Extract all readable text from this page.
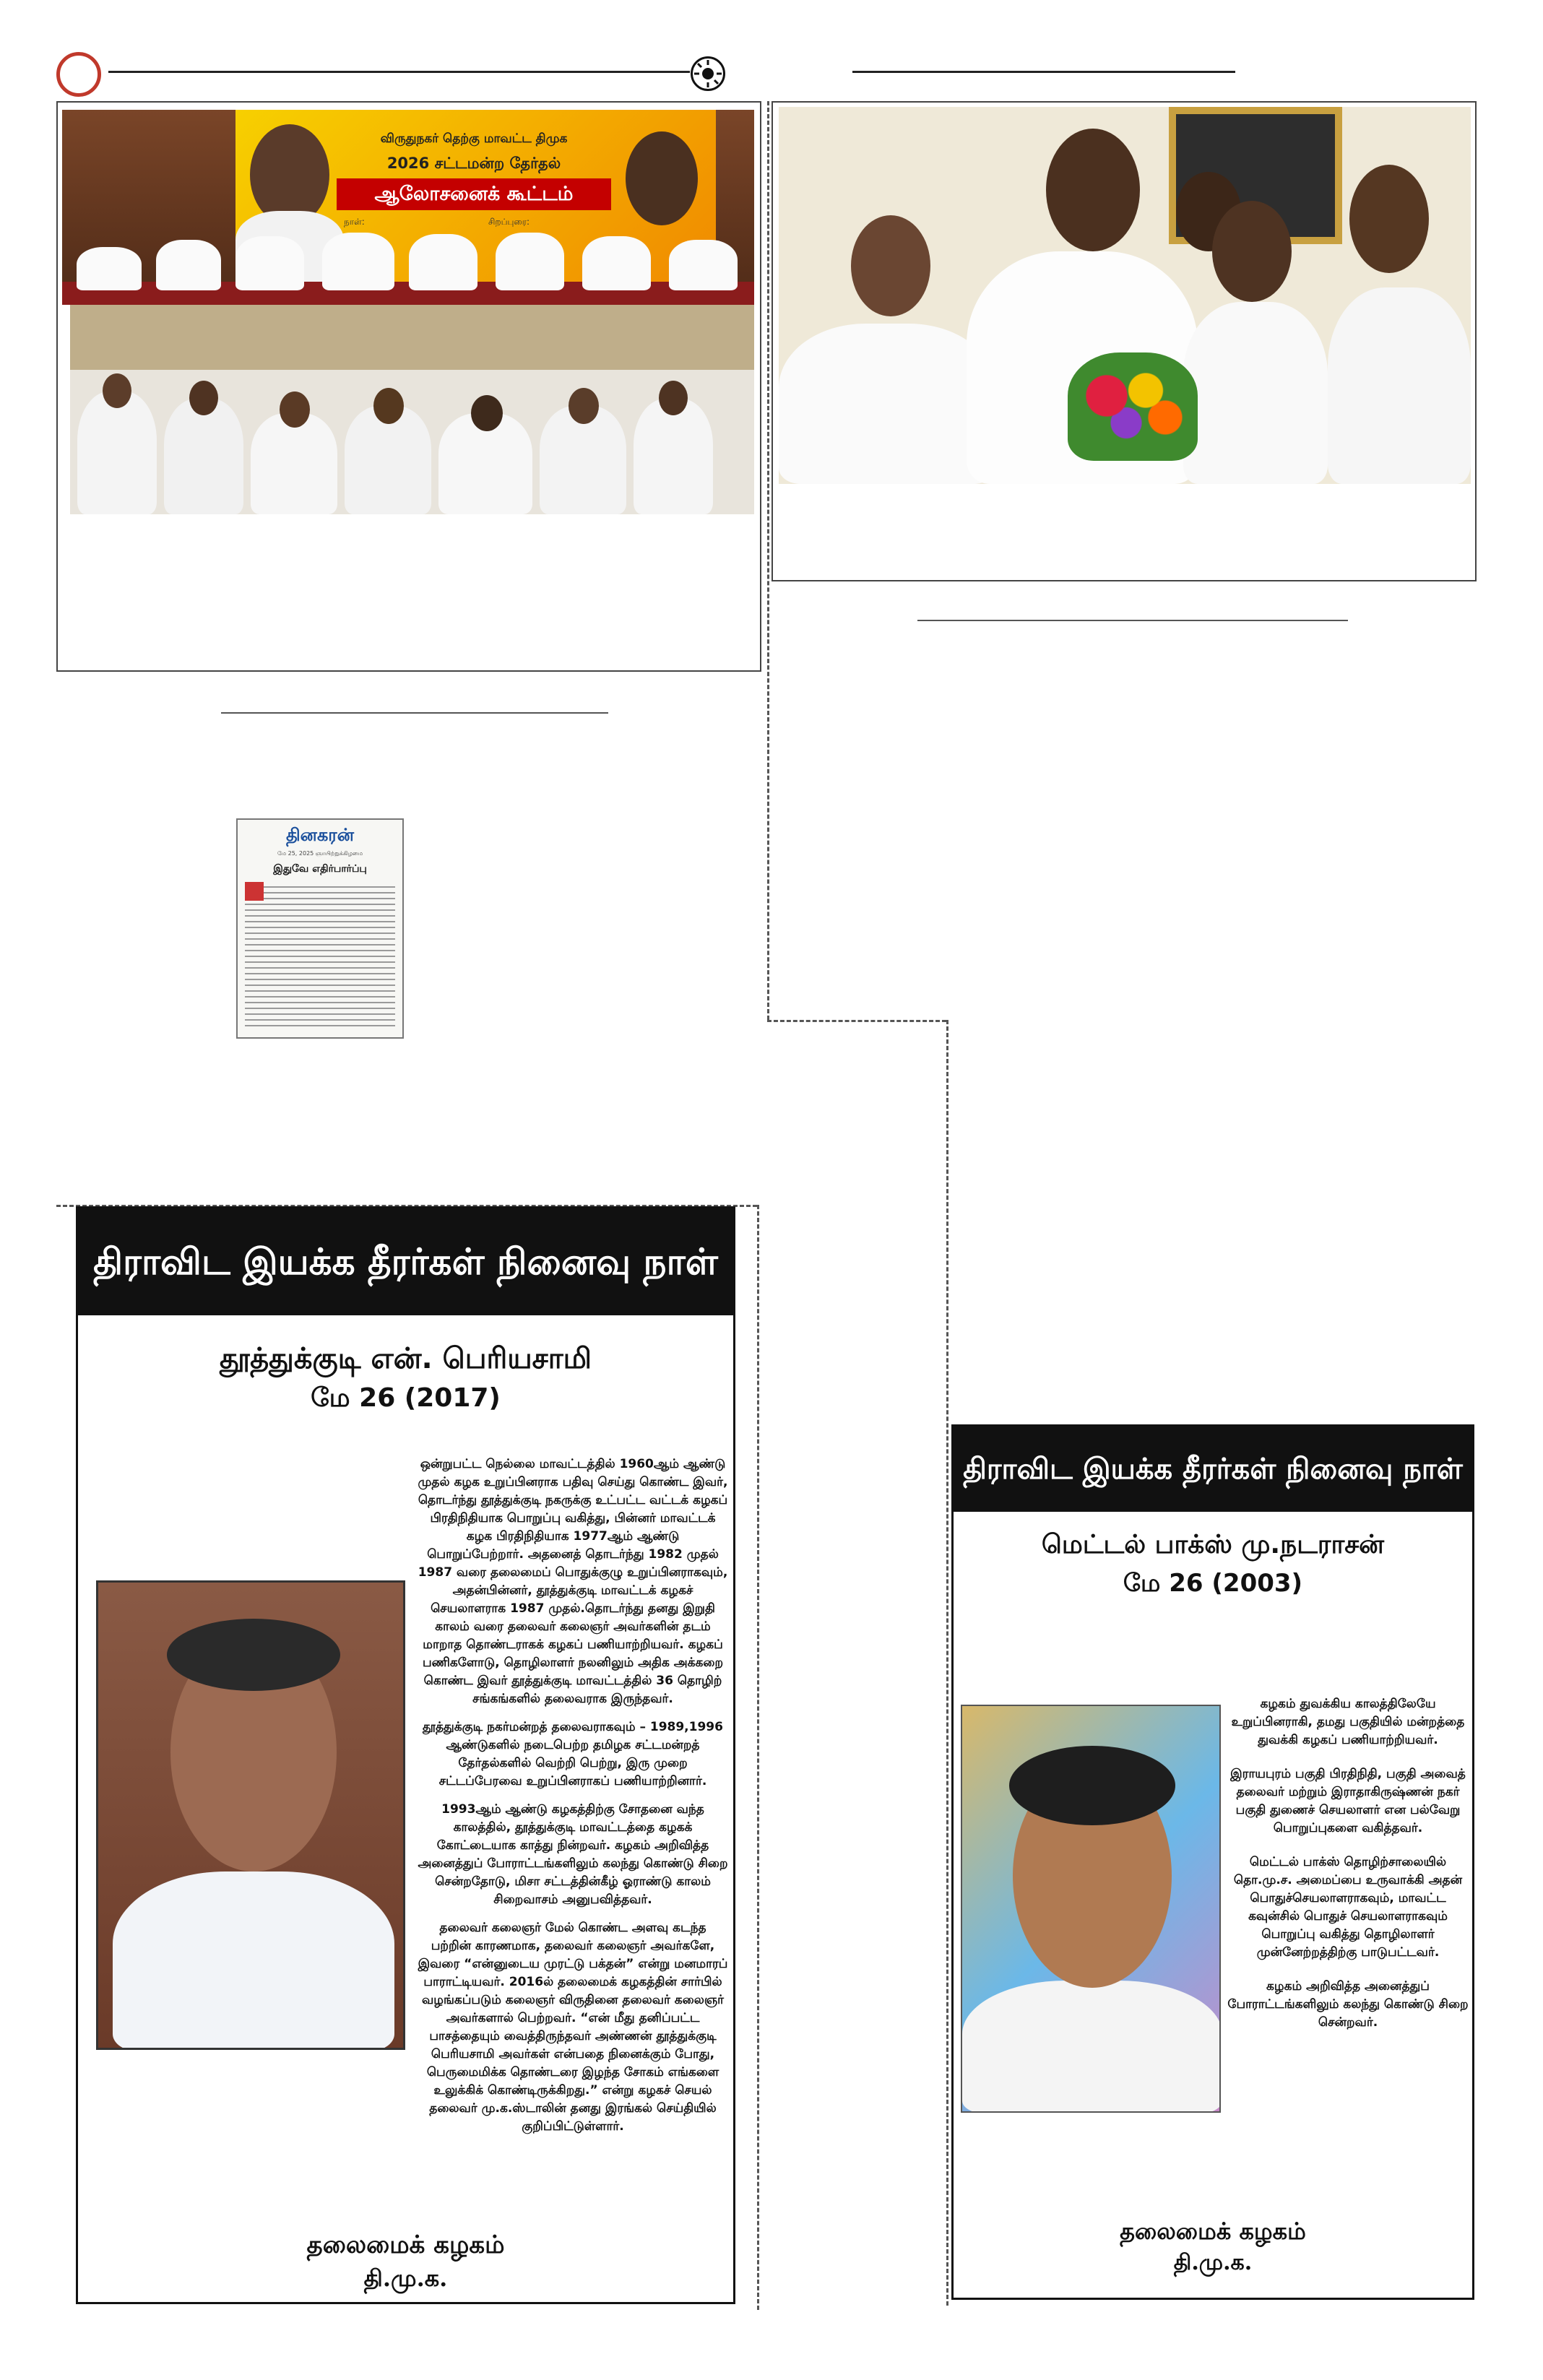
விருதுநகர் தெற்கு மாவட்ட திமுக
2026 சட்டமன்ற தேர்தல்
ஆலோசனைக் கூட்டம்
நாள்:	சிறப்புரை:
தினகரன்
மே 25, 2025 ஞாயிற்றுக்கிழமை
இதுவே எதிர்பார்ப்பு
திராவிட இயக்க தீரர்கள் நினைவு நாள்
தூத்துக்குடி என். பெரியசாமி
மே 26 (2017)

ஒன்றுபட்ட நெல்லை மாவட்டத்தில் 1960ஆம் ஆண்டு முதல் கழக உறுப்பினராக பதிவு செய்து கொண்ட இவர், தொடர்ந்து தூத்துக்குடி நகருக்கு உட்பட்ட வட்டக் கழகப் பிரதிநிதியாக பொறுப்பு வகித்து, பின்னர் மாவட்டக் கழக பிரதிநிதியாக 1977ஆம் ஆண்டு பொறுப்பேற்றார். அதனைத் தொடர்ந்து 1982 முதல் 1987 வரை தலைமைப் பொதுக்குழு உறுப்பினராகவும், அதன்பின்னர், தூத்துக்குடி மாவட்டக் கழகச் செயலாளராக 1987 முதல்.தொடர்ந்து தனது இறுதி காலம் வரை தலைவர் கலைஞர் அவர்களின் தடம் மாறாத தொண்டராகக் கழகப் பணியாற்றியவர். கழகப் பணிகளோடு, தொழிலாளர் நலனிலும் அதிக அக்கறை கொண்ட இவர் தூத்துக்குடி மாவட்டத்தில் 36 தொழிற் சங்கங்களில் தலைவராக இருந்தவர்.

தூத்துக்குடி நகர்மன்றத் தலைவராகவும் – 1989,1996 ஆண்டுகளில் நடைபெற்ற தமிழக சட்டமன்றத் தேர்தல்களில் வெற்றி பெற்று, இரு முறை சட்டப்பேரவை உறுப்பினராகப் பணியாற்றினார்.

1993ஆம் ஆண்டு கழகத்திற்கு சோதனை வந்த காலத்தில், தூத்துக்குடி மாவட்டத்தை கழகக் கோட்டையாக காத்து நின்றவர். கழகம் அறிவித்த அனைத்துப் போராட்டங்களிலும் கலந்து கொண்டு சிறை சென்றதோடு, மிசா சட்டத்தின்கீழ் ஓராண்டு காலம் சிறைவாசம் அனுபவித்தவர்.

தலைவர் கலைஞர் மேல் கொண்ட அளவு கடந்த பற்றின் காரணமாக, தலைவர் கலைஞர் அவர்களே, இவரை “என்னுடைய முரட்டு பக்தன்” என்று மனமாரப் பாராட்டியவர். 2016ல் தலைமைக் கழகத்தின் சார்பில் வழங்கப்படும் கலைஞர் விருதினை தலைவர் கலைஞர் அவர்களால் பெற்றவர். “என் மீது தனிப்பட்ட பாசத்தையும் வைத்திருந்தவர் அண்ணன் தூத்துக்குடி பெரியசாமி அவர்கள் என்பதை நினைக்கும் போது, பெருமைமிக்க தொண்டரை இழந்த சோகம் எங்களை உலுக்கிக் கொண்டிருக்கிறது.” என்று கழகச் செயல் தலைவர் மு.க.ஸ்டாலின் தனது இரங்கல் செய்தியில் குறிப்பிட்டுள்ளார்.

தலைமைக் கழகம்
தி.மு.க.
திராவிட இயக்க தீரர்கள் நினைவு நாள்
மெட்டல் பாக்ஸ் மு.நடராசன்
மே 26 (2003)

கழகம் துவக்கிய காலத்திலேயே உறுப்பினராகி, தமது பகுதியில் மன்றத்தை துவக்கி கழகப் பணியாற்றியவர்.

இராயபுரம் பகுதி பிரதிநிதி, பகுதி அவைத் தலைவர் மற்றும் இராதாகிருஷ்ணன் நகர் பகுதி துணைச் செயலாளர் என பல்வேறு பொறுப்புகளை வகித்தவர்.

மெட்டல் பாக்ஸ் தொழிற்சாலையில் தொ.மு.ச. அமைப்பை உருவாக்கி அதன் பொதுச்செயலாளராகவும், மாவட்ட கவுன்சில் பொதுச் செயலாளராகவும் பொறுப்பு வகித்து தொழிலாளர் முன்னேற்றத்திற்கு பாடுபட்டவர்.

கழகம் அறிவித்த அனைத்துப் போராட்டங்களிலும் கலந்து கொண்டு சிறை சென்றவர்.

தலைமைக் கழகம்
தி.மு.க.
